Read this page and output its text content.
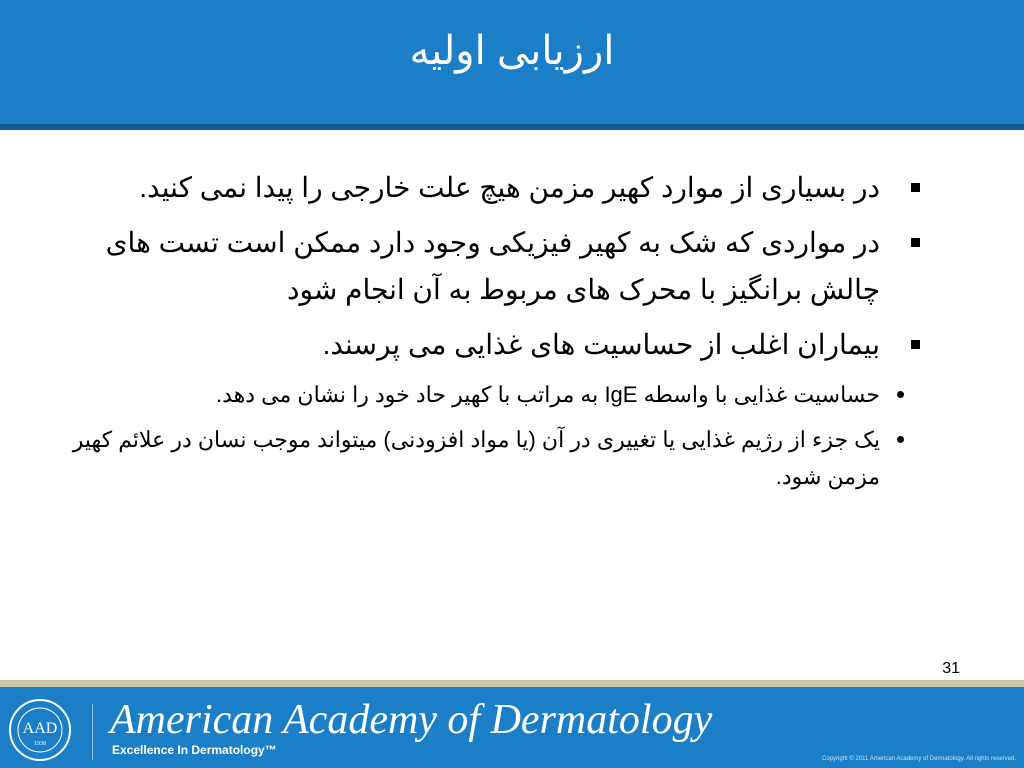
ارزیابی اولیه
در بسیاری از موارد کهیر مزمن هیچ علت خارجی را پیدا نمی کنید.
در مواردی که شک به کهیر فیزیکی وجود دارد ممکن است تست های چالش برانگیز با محرک های مربوط به آن انجام شود
بیماران اغلب از حساسیت های غذایی می پرسند.
حساسیت غذایی با واسطه IgE به مراتب با کهیر حاد خود را نشان می دهد.
یک جزء از رژیم غذایی یا تغییری در آن (یا مواد افزودنی) میتواند موجب نسان در علائم کهیر مزمن شود.
31
AAD
1938
American Academy of Dermatology
Excellence In Dermatology™
Copyright © 2011 American Academy of Dermatology. All rights reserved.
